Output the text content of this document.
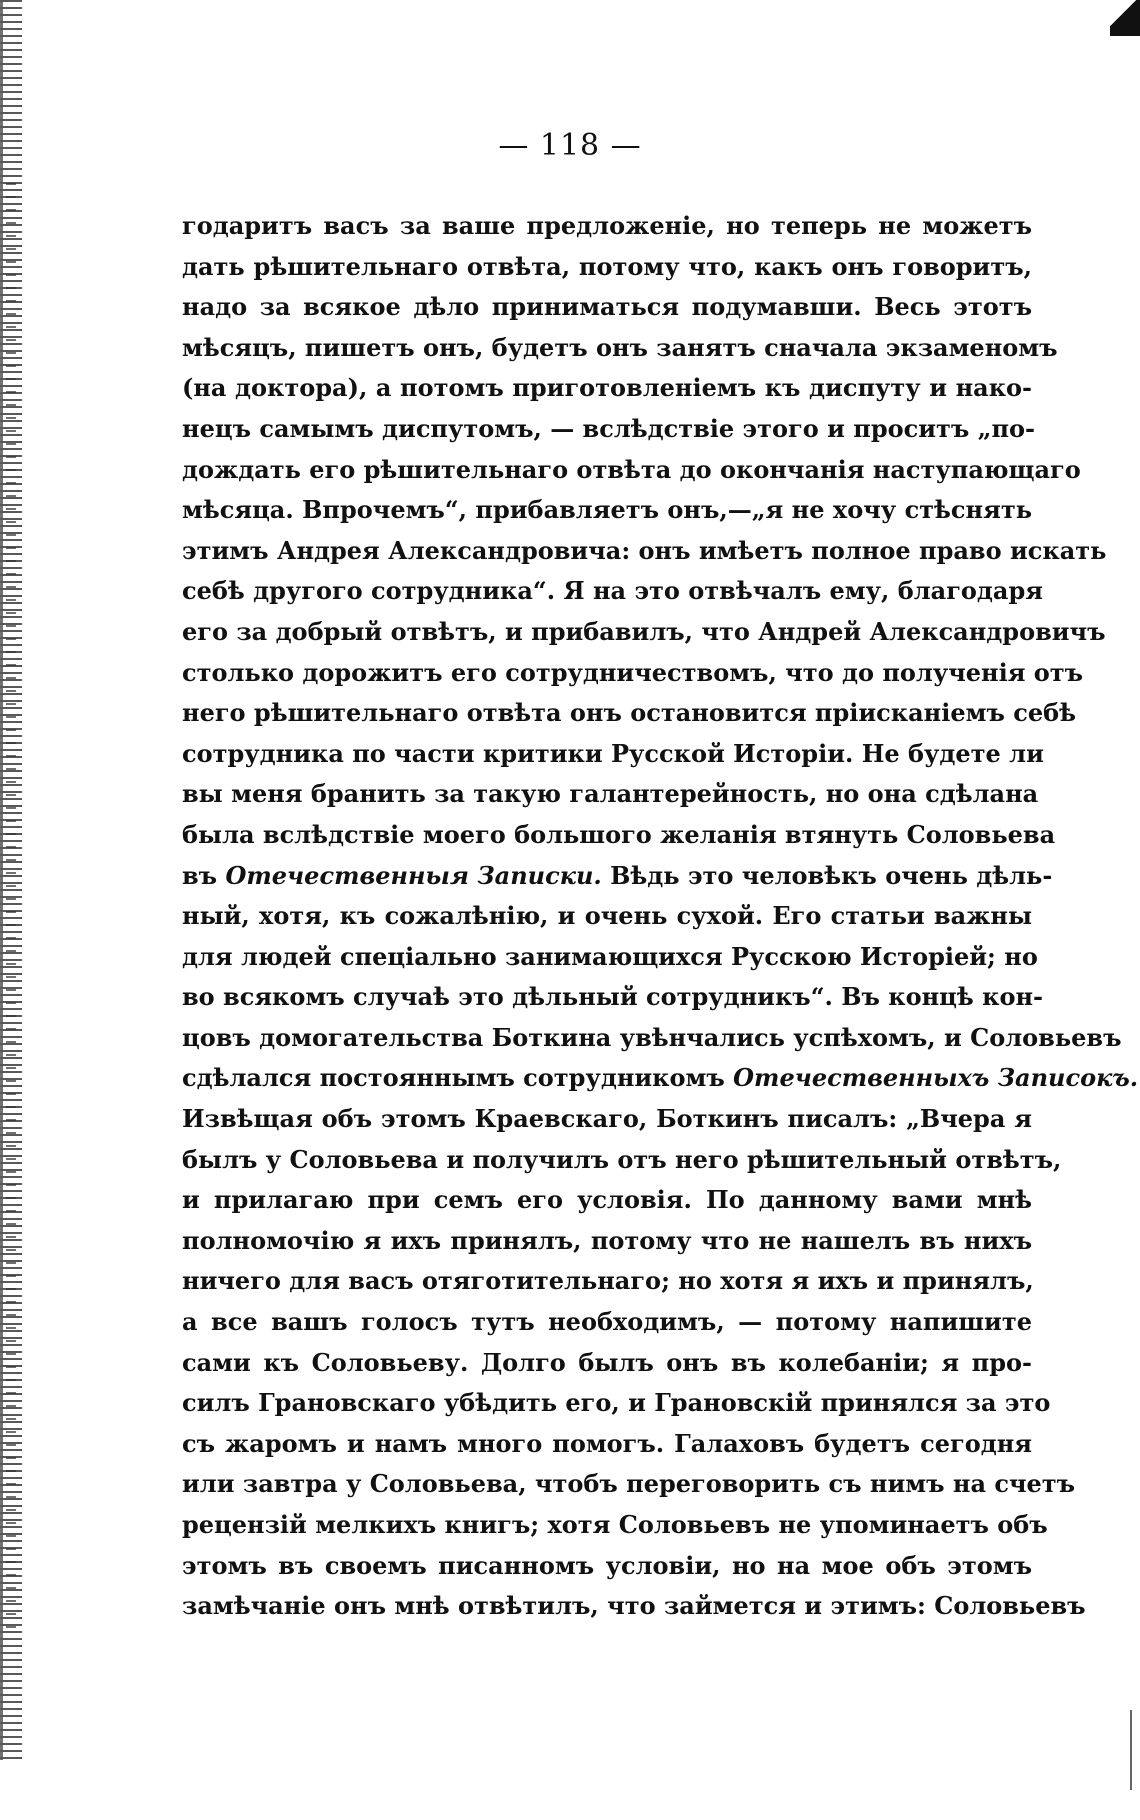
— 118 —
годаритъ васъ за ваше предложеніе, но теперь не можетъ
дать рѣшительнаго отвѣта, потому что, какъ онъ говоритъ,
надо за всякое дѣло приниматься подумавши. Весь этотъ
мѣсяцъ, пишетъ онъ, будетъ онъ занятъ сначала экзаменомъ
(на доктора), а потомъ приготовленіемъ къ диспуту и нако-
нецъ самымъ диспутомъ, — вслѣдствіе этого и проситъ „по-
дождать его рѣшительнаго отвѣта до окончанія наступающаго
мѣсяца. Впрочемъ“, прибавляетъ онъ,—„я не хочу стѣснять
этимъ Андрея Александровича: онъ имѣетъ полное право искать
себѣ другого сотрудника“. Я на это отвѣчалъ ему, благодаря
его за добрый отвѣтъ, и прибавилъ, что Андрей Александровичъ
столько дорожитъ его сотрудничествомъ, что до полученія отъ
него рѣшительнаго отвѣта онъ остановится пріисканіемъ себѣ
сотрудника по части критики Русской Исторіи. Не будете ли
вы меня бранить за такую галантерейность, но она сдѣлана
была вслѣдствіе моего большого желанія втянуть Соловьева
въ Отечественныя Записки. Вѣдь это человѣкъ очень дѣль-
ный, хотя, къ сожалѣнію, и очень сухой. Его статьи важны
для людей спеціально занимающихся Русскою Исторіей; но
во всякомъ случаѣ это дѣльный сотрудникъ“. Въ концѣ кон-
цовъ домогательства Боткина увѣнчались успѣхомъ, и Соловьевъ
сдѣлался постояннымъ сотрудникомъ Отечественныхъ Записокъ.
Извѣщая объ этомъ Краевскаго, Боткинъ писалъ: „Вчера я
былъ у Соловьева и получилъ отъ него рѣшительный отвѣтъ,
и прилагаю при семъ его условія. По данному вами мнѣ
полномочію я ихъ принялъ, потому что не нашелъ въ нихъ
ничего для васъ отяготительнаго; но хотя я ихъ и принялъ,
а все вашъ голосъ тутъ необходимъ, — потому напишите
сами къ Соловьеву. Долго былъ онъ въ колебаніи; я про-
силъ Грановскаго убѣдить его, и Грановскій принялся за это
съ жаромъ и намъ много помогъ. Галаховъ будетъ сегодня
или завтра у Соловьева, чтобъ переговорить съ нимъ на счетъ
рецензій мелкихъ книгъ; хотя Соловьевъ не упоминаетъ объ
этомъ въ своемъ писанномъ условіи, но на мое объ этомъ
замѣчаніе онъ мнѣ отвѣтилъ, что займется и этимъ: Соловьевъ
